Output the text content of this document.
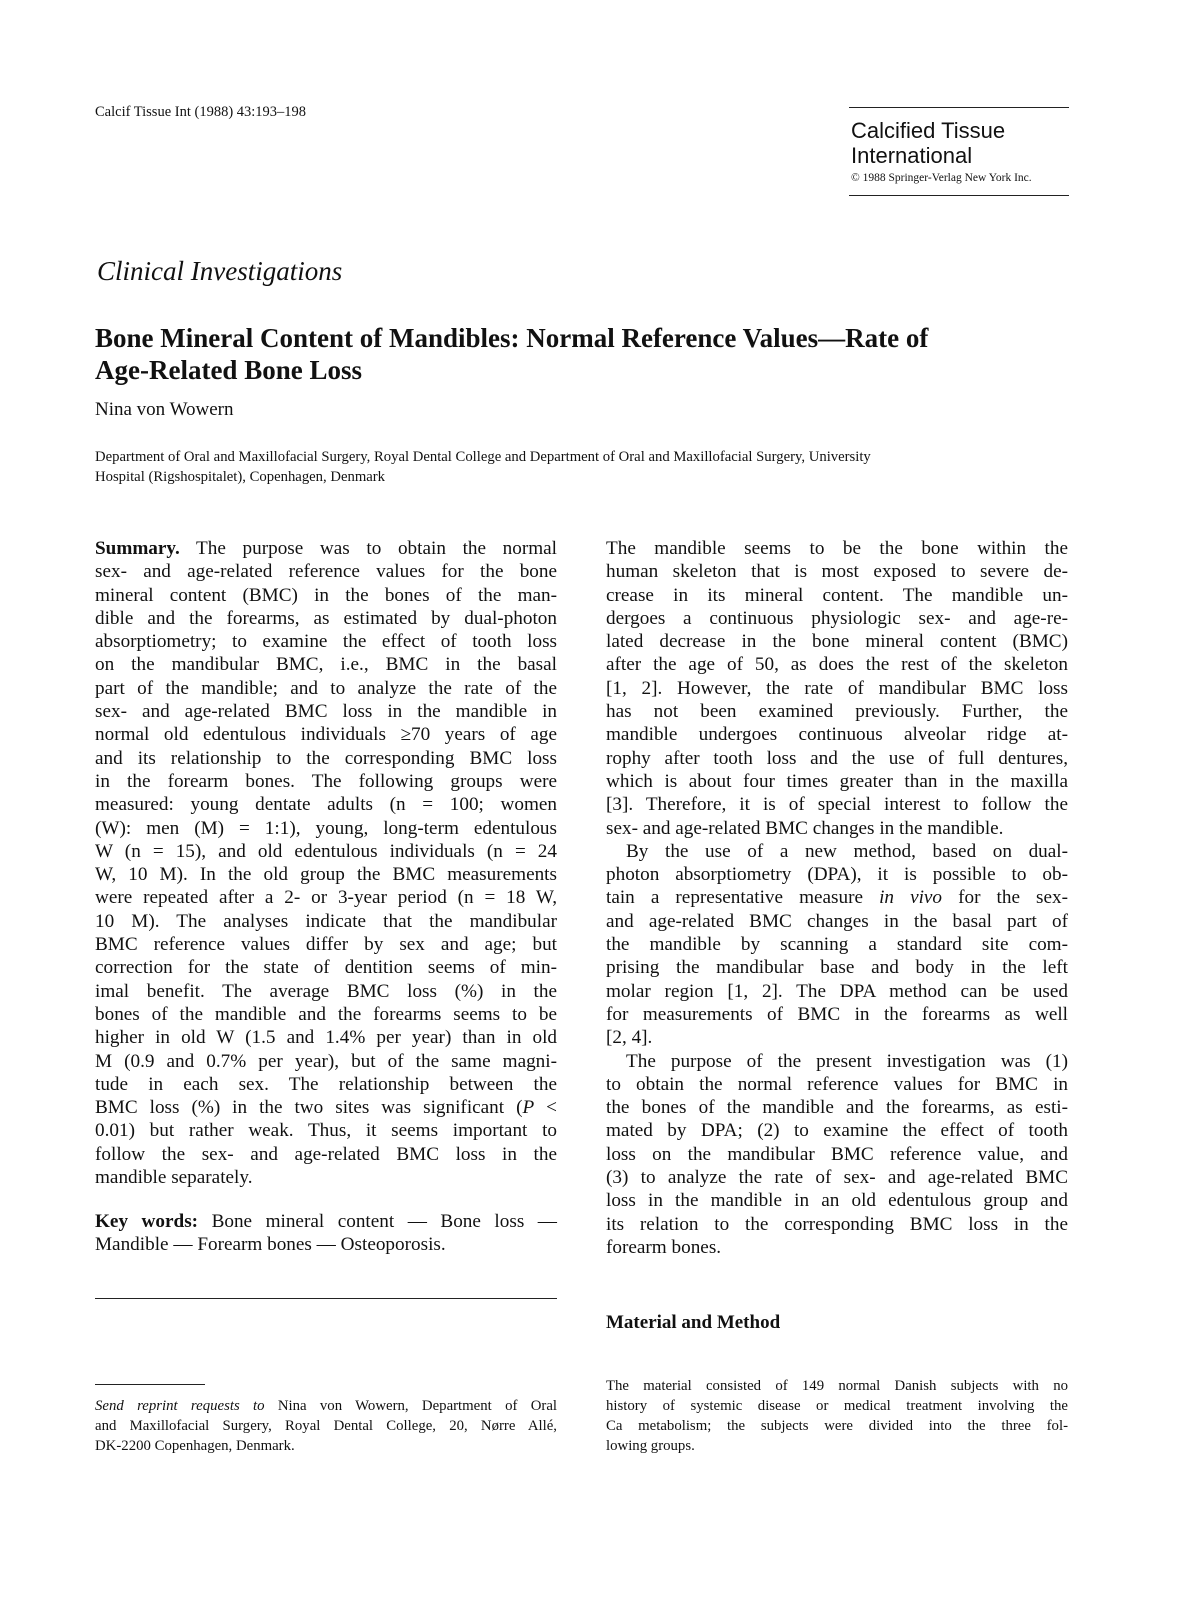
Calcif Tissue Int (1988) 43:193–198
Calcified Tissue
International
© 1988 Springer-Verlag New York Inc.
Clinical Investigations
Bone Mineral Content of Mandibles: Normal Reference Values—Rate of
Age-Related Bone Loss
Nina von Wowern
Department of Oral and Maxillofacial Surgery, Royal Dental College and Department of Oral and Maxillofacial Surgery, University
Hospital (Rigshospitalet), Copenhagen, Denmark
Summary. The purpose was to obtain the normal
sex- and age-related reference values for the bone
mineral content (BMC) in the bones of the man-
dible and the forearms, as estimated by dual-photon
absorptiometry; to examine the effect of tooth loss
on the mandibular BMC, i.e., BMC in the basal
part of the mandible; and to analyze the rate of the
sex- and age-related BMC loss in the mandible in
normal old edentulous individuals ≥70 years of age
and its relationship to the corresponding BMC loss
in the forearm bones. The following groups were
measured: young dentate adults (n = 100; women
(W): men (M) = 1:1), young, long-term edentulous
W (n = 15), and old edentulous individuals (n = 24
W, 10 M). In the old group the BMC measurements
were repeated after a 2- or 3-year period (n = 18 W,
10 M). The analyses indicate that the mandibular
BMC reference values differ by sex and age; but
correction for the state of dentition seems of min-
imal benefit. The average BMC loss (%) in the
bones of the mandible and the forearms seems to be
higher in old W (1.5 and 1.4% per year) than in old
M (0.9 and 0.7% per year), but of the same magni-
tude in each sex. The relationship between the
BMC loss (%) in the two sites was significant (P <
0.01) but rather weak. Thus, it seems important to
follow the sex- and age-related BMC loss in the
mandible separately.
Key words: Bone mineral content — Bone loss —
Mandible — Forearm bones — Osteoporosis.
Send reprint requests to Nina von Wowern, Department of Oral
and Maxillofacial Surgery, Royal Dental College, 20, Nørre Allé,
DK-2200 Copenhagen, Denmark.
The mandible seems to be the bone within the
human skeleton that is most exposed to severe de-
crease in its mineral content. The mandible un-
dergoes a continuous physiologic sex- and age-re-
lated decrease in the bone mineral content (BMC)
after the age of 50, as does the rest of the skeleton
[1, 2]. However, the rate of mandibular BMC loss
has not been examined previously. Further, the
mandible undergoes continuous alveolar ridge at-
rophy after tooth loss and the use of full dentures,
which is about four times greater than in the maxilla
[3]. Therefore, it is of special interest to follow the
sex- and age-related BMC changes in the mandible.
By the use of a new method, based on dual-
photon absorptiometry (DPA), it is possible to ob-
tain a representative measure in vivo for the sex-
and age-related BMC changes in the basal part of
the mandible by scanning a standard site com-
prising the mandibular base and body in the left
molar region [1, 2]. The DPA method can be used
for measurements of BMC in the forearms as well
[2, 4].
The purpose of the present investigation was (1)
to obtain the normal reference values for BMC in
the bones of the mandible and the forearms, as esti-
mated by DPA; (2) to examine the effect of tooth
loss on the mandibular BMC reference value, and
(3) to analyze the rate of sex- and age-related BMC
loss in the mandible in an old edentulous group and
its relation to the corresponding BMC loss in the
forearm bones.
Material and Method
The material consisted of 149 normal Danish subjects with no
history of systemic disease or medical treatment involving the
Ca metabolism; the subjects were divided into the three fol-
lowing groups.
